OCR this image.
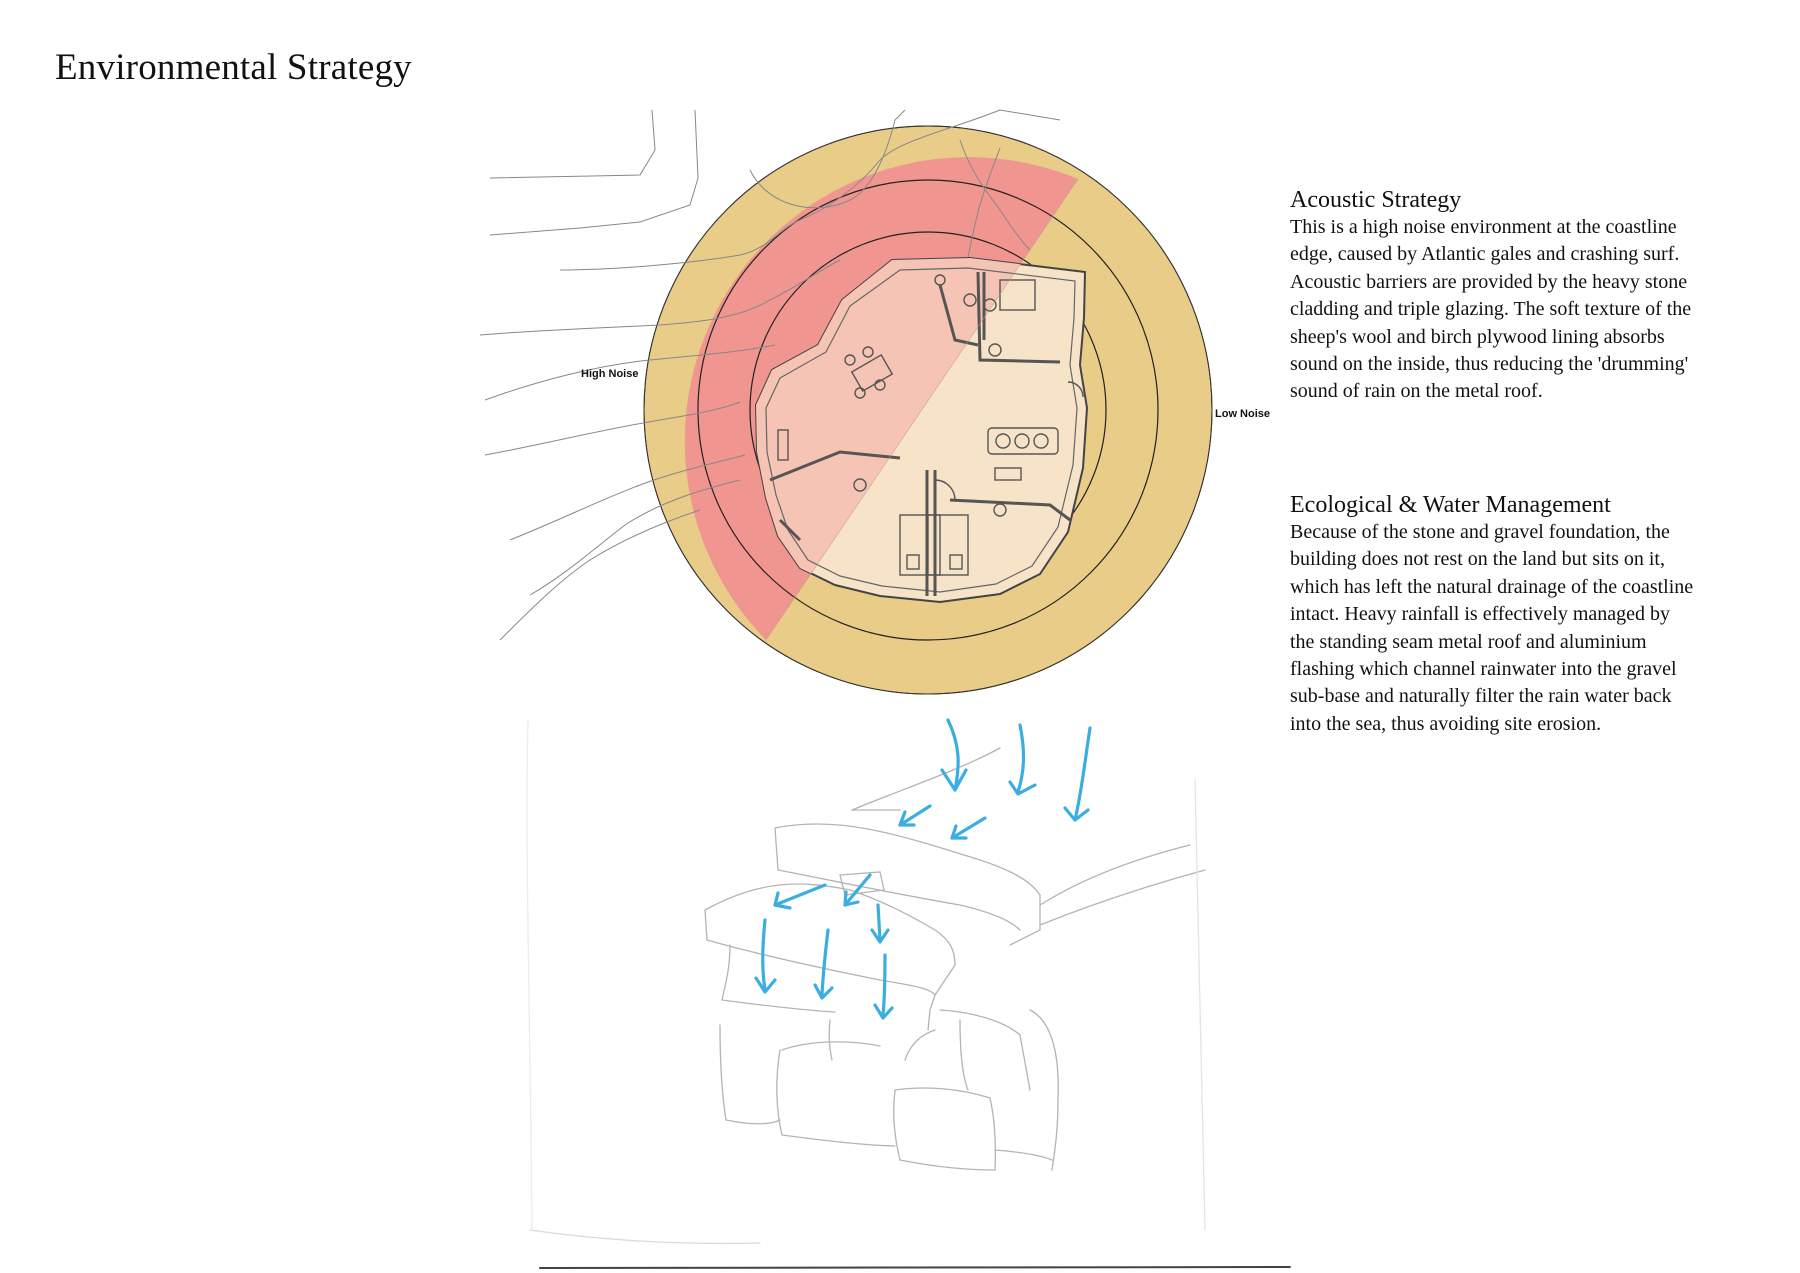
Environmental Strategy
High Noise
Low Noise
Acoustic Strategy

This is a high noise environment at the coastline edge, caused by Atlantic gales and crashing surf. Acoustic barriers are provided by the heavy stone cladding and triple glazing. The soft texture of the sheep's wool and birch plywood lining absorbs sound on the inside, thus reducing the 'drumming' sound of rain on the metal roof.

Ecological & Water Management

Because of the stone and gravel foundation, the building does not rest on the land but sits on it, which has left the natural drainage of the coastline intact. Heavy rainfall is effectively managed by the standing seam metal roof and aluminium flashing which channel rainwater into the gravel sub-base and naturally filter the rain water back into the sea, thus avoiding site erosion.
